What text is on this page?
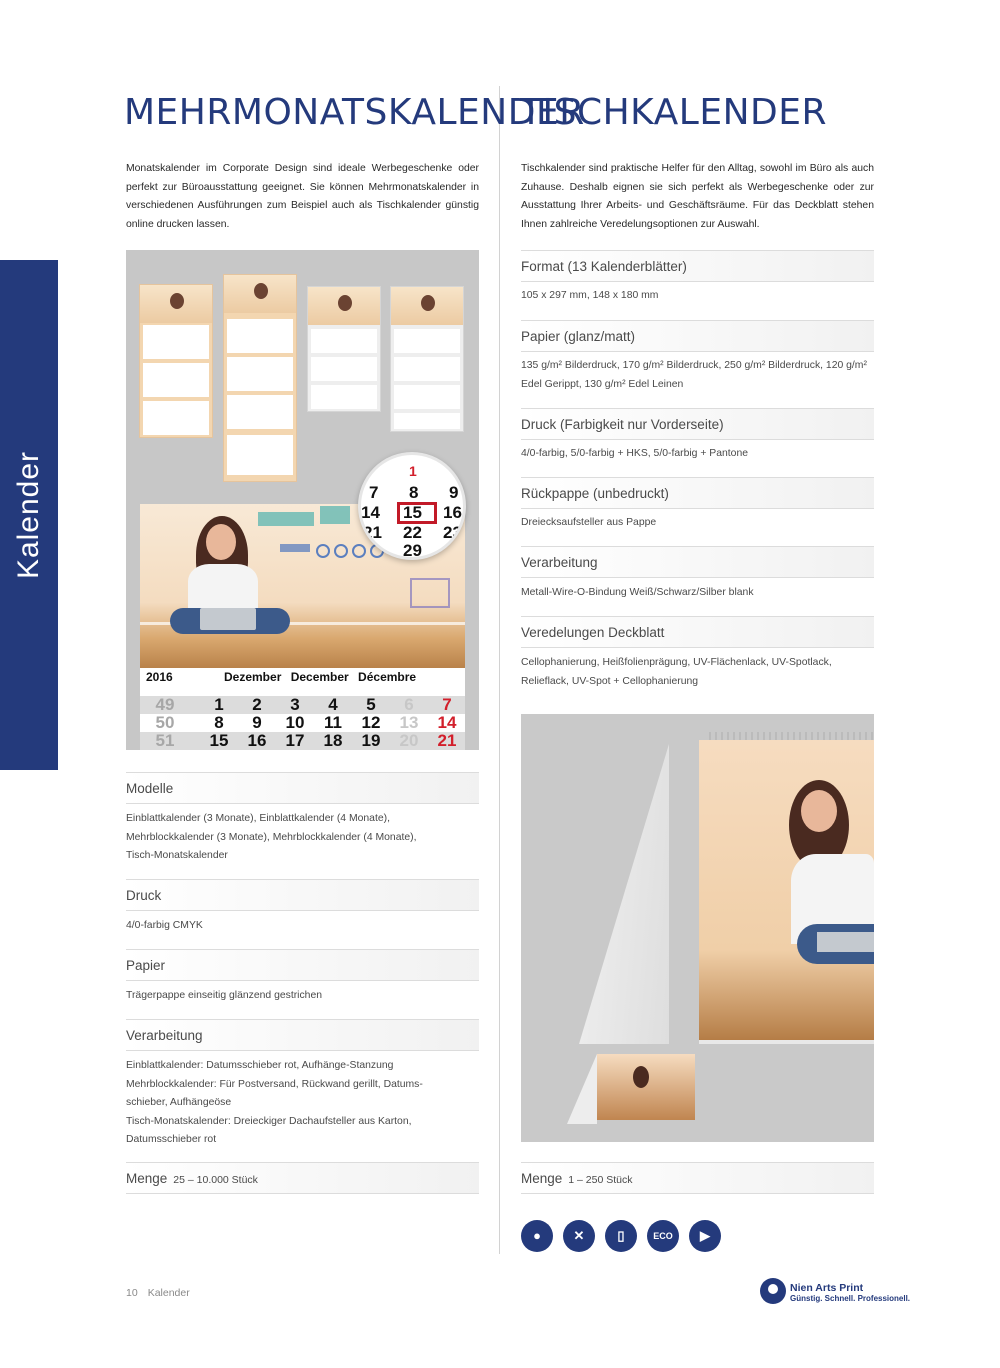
Kalender
MEHRMONATSKALENDER

Monatskalender im Corporate Design sind ideale Werbegeschenke oder perfekt zur Büroausstattung geeignet. Sie können Mehrmonatskalender in verschiedenen Ausführungen zum Beispiel auch als Tischkalender günstig online drucken lassen.

2016	Dezember December Décembre
49	1	2	3	4	5	6	7
50	8	9	10	11	12	13	14
51	15	16	17	18	19	20	21
1
7 8 9
14 15 16
21 22 23
29
Modelle
Einblattkalender (3 Monate), Einblattkalender (4 Monate), Mehrblockkalender (3 Monate), Mehrblockkalender (4 Monate), Tisch-Monatskalender
Druck
4/0-farbig CMYK
Papier
Trägerpappe einseitig glänzend gestrichen
Verarbeitung
Einblattkalender: Datumsschieber rot, Aufhänge-Stanzung
Mehrblockkalender: Für Postversand, Rückwand gerillt, Datums-
schieber, Aufhängeöse
Tisch-Monatskalender: Dreieckiger Dachaufsteller aus Karton,
Datumsschieber rot
Menge 25 – 10.000 Stück
TISCHKALENDER

Tischkalender sind praktische Helfer für den Alltag, sowohl im Büro als auch Zuhause. Deshalb eignen sie sich perfekt als Werbegeschenke oder zur Ausstattung Ihrer Arbeits- und Geschäftsräume. Für das Deckblatt stehen Ihnen zahlreiche Veredelungsoptionen zur Auswahl.

Format (13 Kalenderblätter)
105 x 297 mm, 148 x 180 mm
Papier (glanz/matt)
135 g/m² Bilderdruck, 170 g/m² Bilderdruck, 250 g/m² Bilderdruck, 120 g/m² Edel Gerippt, 130 g/m² Edel Leinen
Druck (Farbigkeit nur Vorderseite)
4/0-farbig, 5/0-farbig + HKS, 5/0-farbig + Pantone
Rückpappe (unbedruckt)
Dreiecksaufsteller aus Pappe
Verarbeitung
Metall-Wire-O-Bindung Weiß/Schwarz/Silber blank
Veredelungen Deckblatt
Cellophanierung, Heißfolienprägung, UV-Flächenlack, UV-Spotlack, Relieflack, UV-Spot + Cellophanierung
Menge 1 – 250 Stück
●	✕	▯	ECO	▶
10 Kalender	Nien Arts Print
Günstig. Schnell. Professionell.
